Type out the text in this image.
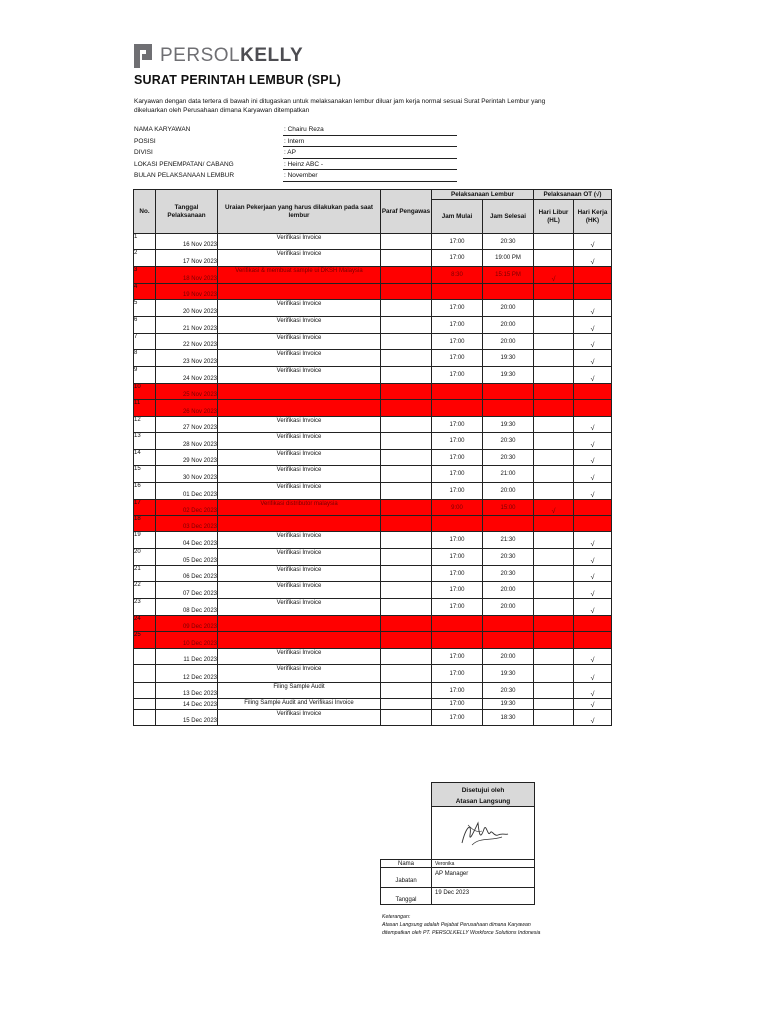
PERSOLKELLY
SURAT PERINTAH LEMBUR (SPL)
Karyawan dengan data tertera di bawah ini ditugaskan untuk melaksanakan lembur diluar jam kerja normal sesuai Surat Perintah Lembur yang dikeluarkan oleh Perusahaan dimana Karyawan ditempatkan
NAMA KARYAWAN	: Chairu Reza
POSISI	: Intern
DIVISI	: AP
LOKASI PENEMPATAN/ CABANG	: Heinz ABC -
BULAN PELAKSANAAN LEMBUR	: November
No.	Tanggal Pelaksanaan	Uraian Pekerjaan yang harus dilakukan pada saat lembur	Paraf Pengawas	Pelaksanaan Lembur		Pelaksanaan OT (√)	
				Jam Mulai	Jam Selesai	Hari Libur (HL)	Hari Kerja (HK)

1	16 Nov 2023	Verifikasi Invoice		17:00	20:30		√

2	17 Nov 2023	Verifikasi Invoice		17:00	19:00 PM		√

3	18 Nov 2023	Verifikasi & membuat sample ui DKSH Malaysia		8:30	15:15 PM	√	

4	19 Nov 2023						

5	20 Nov 2023	Verifikasi Invoice		17:00	20:00		√

6	21 Nov 2023	Verifikasi Invoice		17:00	20:00		√

7	22 Nov 2023	Verifikasi Invoice		17:00	20:00		√

8	23 Nov 2023	Verifikasi Invoice		17:00	19:30		√

9	24 Nov 2023	Verifikasi Invoice		17:00	19:30		√

10	25 Nov 2023						

11	26 Nov 2023						

12	27 Nov 2023	Verifikasi Invoice		17:00	19:30		√

13	28 Nov 2023	Verifikasi Invoice		17:00	20:30		√

14	29 Nov 2023	Verifikasi Invoice		17:00	20:30		√

15	30 Nov 2023	Verifikasi Invoice		17:00	21:00		√

16	01 Dec 2023	Verifikasi Invoice		17:00	20:00		√

17	02 Dec 2023	Verifikasi distributor malaysia		9:00	15:00	√	

18	03 Dec 2023						

19	04 Dec 2023	Verifikasi Invoice		17:00	21:30		√

20	05 Dec 2023	Verifikasi Invoice		17:00	20:30		√

21	06 Dec 2023	Verifikasi Invoice		17:00	20:30		√

22	07 Dec 2023	Verifikasi Invoice		17:00	20:00		√

23	08 Dec 2023	Verifikasi Invoice		17:00	20:00		√

24	09 Dec 2023						

25	10 Dec 2023						

	11 Dec 2023	Verifikasi Invoice		17:00	20:00		√

	12 Dec 2023	Verifikasi Invoice		17:00	19:30		√

	13 Dec 2023	Filing Sample Audit		17:00	20:30		√

	14 Dec 2023	Filing Sample Audit and Verifikasi Invoice		17:00	19:30		√

	15 Dec 2023	Verifikasi Invoice		17:00	18:30		√
Disetujui oleh
Atasan Langsung
Nama	Veronika
Jabatan	AP Manager
Tanggal	19 Dec 2023
Keterangan:
Atasan Langsung adalah Pejabat Perusahaan dimana Karyawan
ditempatkan oleh PT. PERSOLKELLY Workforce Solutions Indonesia
